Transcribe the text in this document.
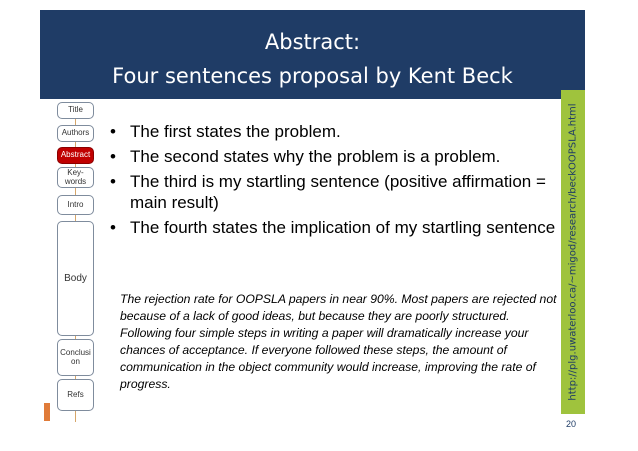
Abstract:
Four sentences proposal by Kent Beck
Title
Authors
Abstract
Key-
words
Intro
Body
Conclusi
on
Refs
• The first states the problem.
• The second states why the problem is a problem.
• The third is my startling sentence (positive affirmation = main result)
• The fourth states the implication of my startling sentence
The rejection rate for OOPSLA papers in near 90%. Most papers are rejected not because of a lack of good ideas, but because they are poorly structured. Following four simple steps in writing a paper will dramatically increase your chances of acceptance. If everyone followed these steps, the amount of communication in the object community would increase, improving the rate of progress.	http://plg.uwaterloo.ca/~migod/research/beckOOPSLA.html
20
